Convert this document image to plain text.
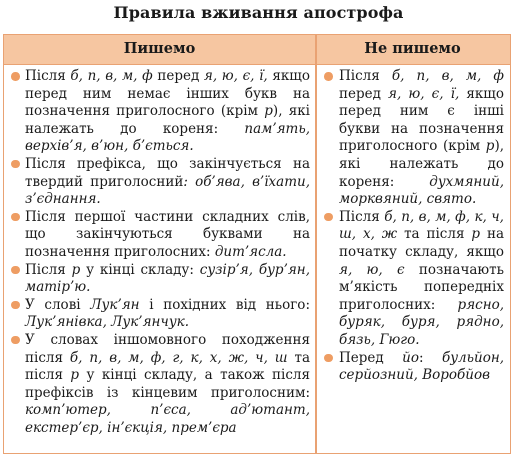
Правила вживання апострофа
Пишемо	Не пишемо

Після б, п, в, м, ф перед я, ю, є, ї, якщо перед ним немає інших букв на позначення приголосного (крім р), які належать до кореня: пам’ять, верхів’я, в’юн, б’ється.

Після префікса, що закінчується на твердий приголосний: об’ява, в’їхати, з’єднання.

Після першої частини складних слів, що закінчуються буквами на позначення приголосних: дит’ясла.

Після р у кінці складу: сузір’я, бур’ян, матір’ю.

У слові Лук’ян і похідних від нього: Лук’янівка, Лук’янчук.

У словах іншомовного походження після б, п, в, м, ф, г, к, х, ж, ч, ш та після р у кінці складу, а також після префіксів із кінцевим приголосним: комп’ютер, п’єса, ад’ютант, екстер’єр, ін’єкція, прем’єра

Після б, п, в, м, ф перед я, ю, є, ї, якщо перед ним є інші букви на позначення приголосного (крім р), які належать до кореня: духмяний, морквяний, свято.

Після б, п, в, м, ф, к, ч, ш, х, ж та після р на початку складу, якщо я, ю, є позначають м’якість попередніх приголосних: рясно, буряк, буря, рядно, бязь, Гюго.

Перед йо: бульйон, серйозний, Воробйов
